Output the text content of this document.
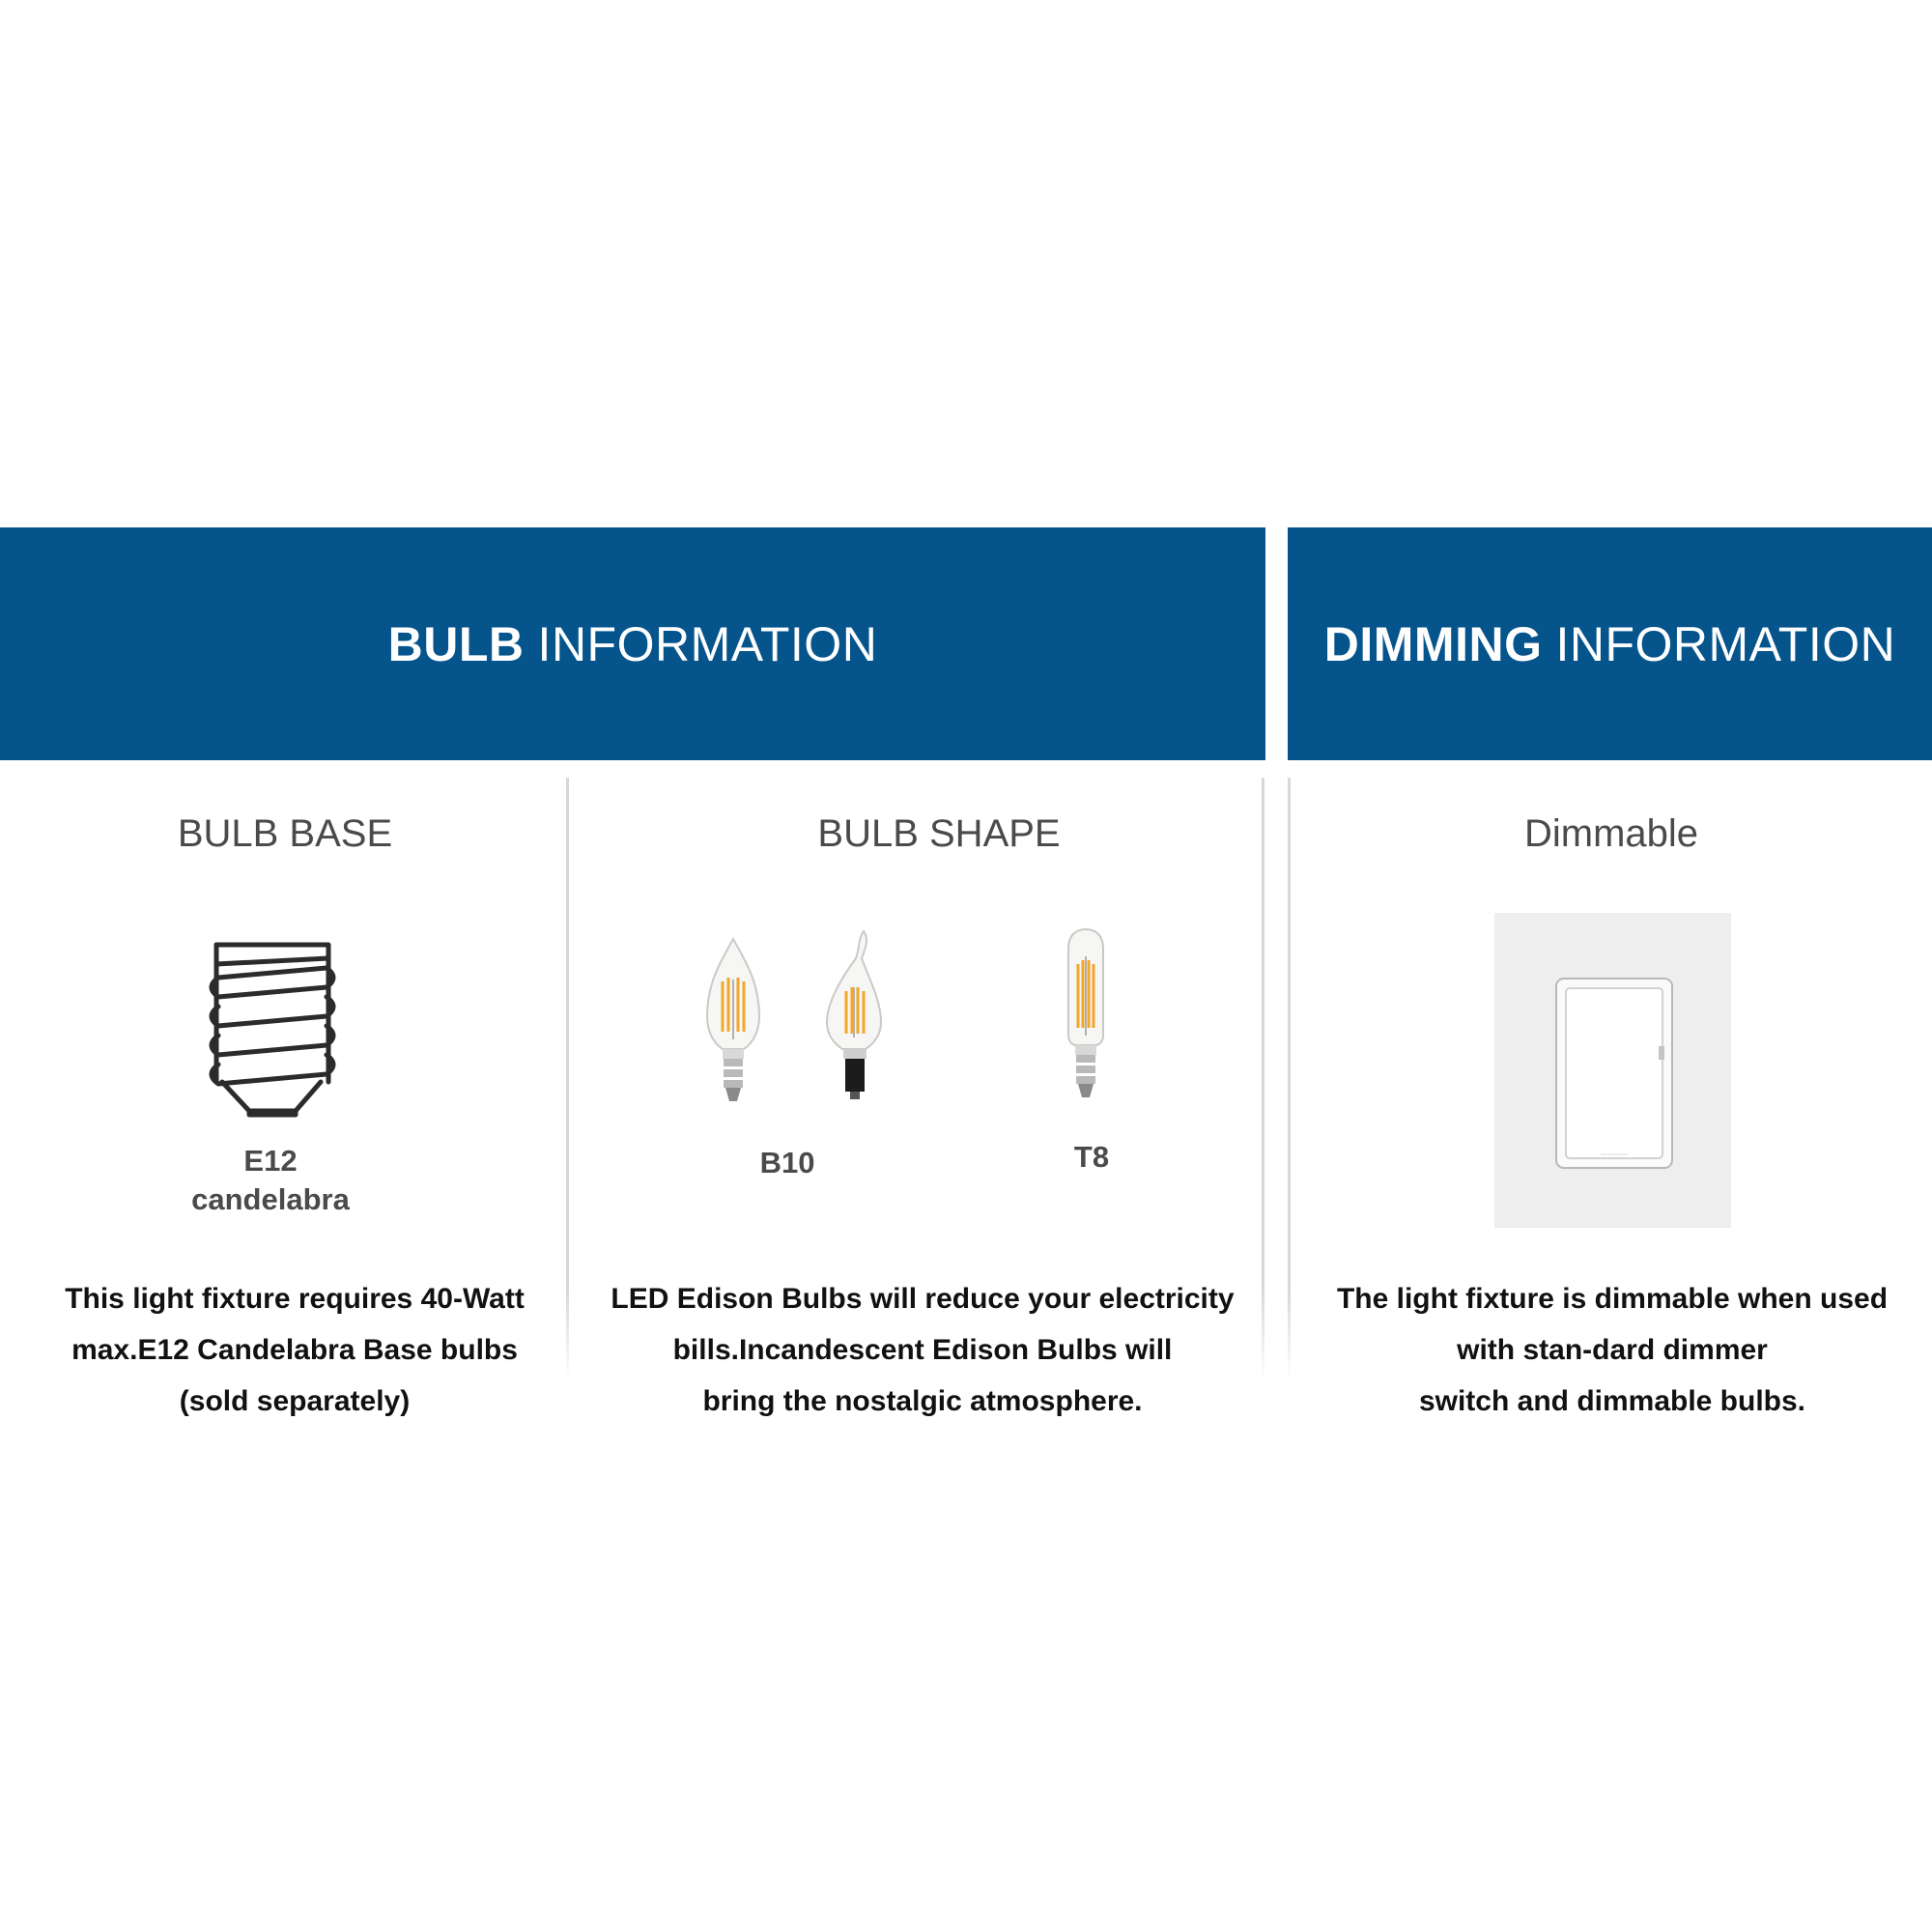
BULB INFORMATION	DIMMING INFORMATION
BULB BASE
E12
candelabra
This light fixture requires 40-Watt
max.E12 Candelabra Base bulbs
(sold separately)
BULB SHAPE
B10	T8
LED Edison Bulbs will reduce your electricity
bills.Incandescent Edison Bulbs will
bring the nostalgic atmosphere.
Dimmable
The light fixture is dimmable when used
with stan-dard dimmer
switch and dimmable bulbs.
